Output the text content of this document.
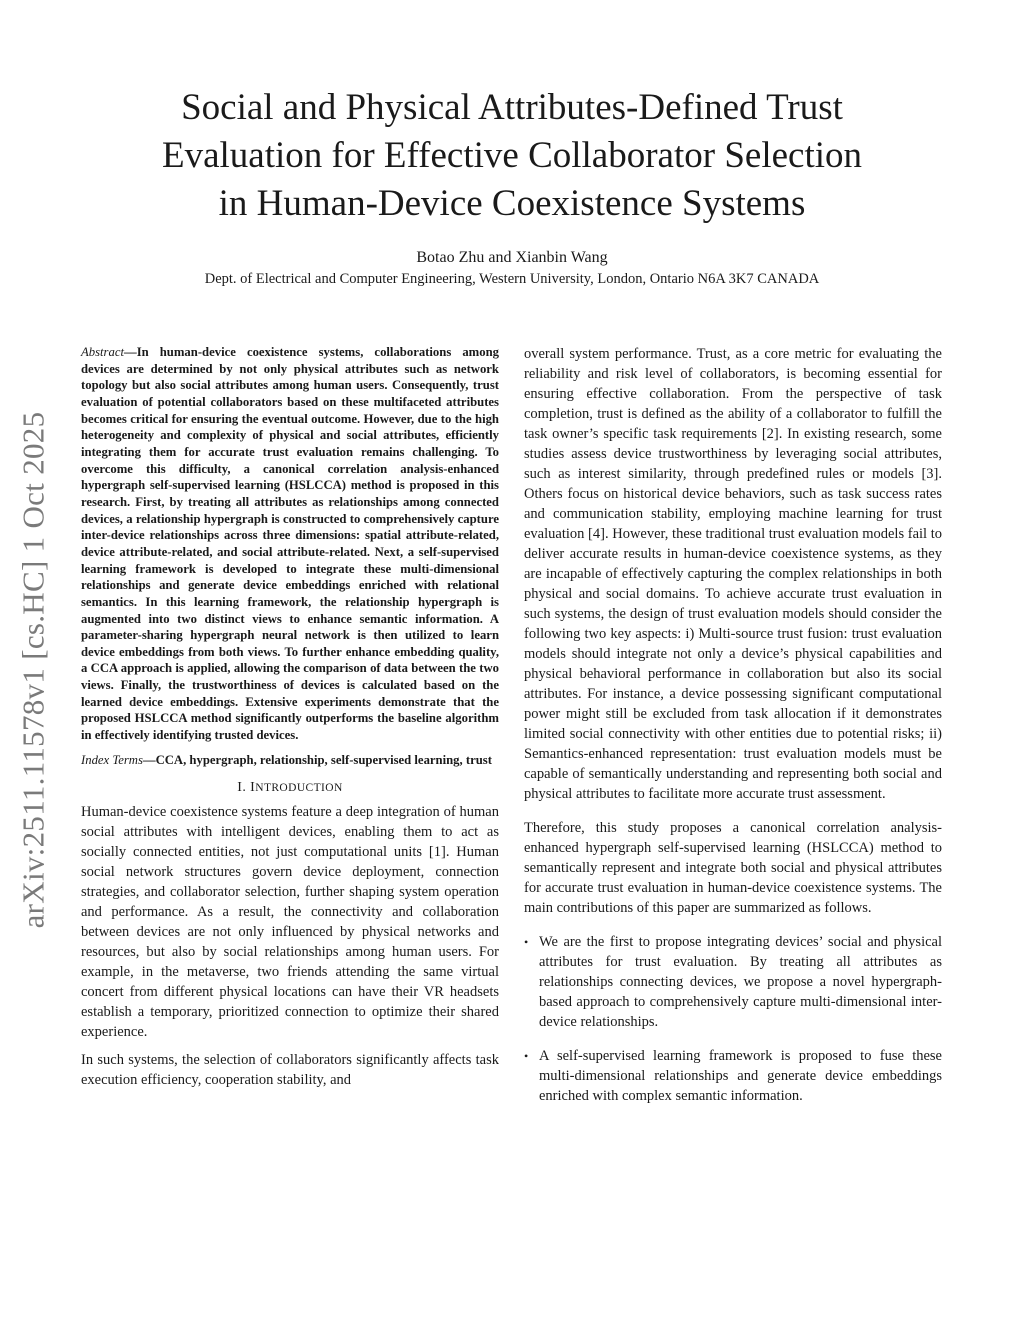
arXiv:2511.11578v1 [cs.HC] 1 Oct 2025
Social and Physical Attributes-Defined Trust
Evaluation for Effective Collaborator Selection
in Human-Device Coexistence Systems

Botao Zhu and Xianbin Wang

Dept. of Electrical and Computer Engineering, Western University, London, Ontario N6A 3K7 CANADA

Abstract—In human-device coexistence systems, collaborations among devices are determined by not only physical attributes such as network topology but also social attributes among human users. Consequently, trust evaluation of potential collaborators based on these multifaceted attributes becomes critical for ensuring the eventual outcome. However, due to the high heterogeneity and complexity of physical and social attributes, efficiently integrating them for accurate trust evaluation remains challenging. To overcome this difficulty, a canonical correlation analysis-enhanced hypergraph self-supervised learning (HSLCCA) method is proposed in this research. First, by treating all attributes as relationships among connected devices, a relationship hypergraph is constructed to comprehensively capture inter-device relationships across three dimensions: spatial attribute-related, device attribute-related, and social attribute-related. Next, a self-supervised learning framework is developed to integrate these multi-dimensional relationships and generate device embeddings enriched with relational semantics. In this learning framework, the relationship hypergraph is augmented into two distinct views to enhance semantic information. A parameter-sharing hypergraph neural network is then utilized to learn device embeddings from both views. To further enhance embedding quality, a CCA approach is applied, allowing the comparison of data between the two views. Finally, the trustworthiness of devices is calculated based on the learned device embeddings. Extensive experiments demonstrate that the proposed HSLCCA method significantly outperforms the baseline algorithm in effectively identifying trusted devices.

Index Terms—CCA, hypergraph, relationship, self-supervised learning, trust

I. INTRODUCTION

Human-device coexistence systems feature a deep integration of human social attributes with intelligent devices, enabling them to act as socially connected entities, not just computational units [1]. Human social network structures govern device deployment, connection strategies, and collaborator selection, further shaping system operation and performance. As a result, the connectivity and collaboration between devices are not only influenced by physical networks and resources, but also by social relationships among human users. For example, in the metaverse, two friends attending the same virtual concert from different physical locations can have their VR headsets establish a temporary, prioritized connection to optimize their shared experience.

In such systems, the selection of collaborators significantly affects task execution efficiency, cooperation stability, and

overall system performance. Trust, as a core metric for evaluating the reliability and risk level of collaborators, is becoming essential for ensuring effective collaboration. From the perspective of task completion, trust is defined as the ability of a collaborator to fulfill the task owner’s specific task requirements [2]. In existing research, some studies assess device trustworthiness by leveraging social attributes, such as interest similarity, through predefined rules or models [3]. Others focus on historical device behaviors, such as task success rates and communication stability, employing machine learning for trust evaluation [4]. However, these traditional trust evaluation models fail to deliver accurate results in human-device coexistence systems, as they are incapable of effectively capturing the complex relationships in both physical and social domains. To achieve accurate trust evaluation in such systems, the design of trust evaluation models should consider the following two key aspects: i) Multi-source trust fusion: trust evaluation models should integrate not only a device’s physical capabilities and physical behavioral performance in collaboration but also its social attributes. For instance, a device possessing significant computational power might still be excluded from task allocation if it demonstrates limited social connectivity with other entities due to potential risks; ii) Semantics-enhanced representation: trust evaluation models must be capable of semantically understanding and representing both social and physical attributes to facilitate more accurate trust assessment.

Therefore, this study proposes a canonical correlation analysis-enhanced hypergraph self-supervised learning (HSLCCA) method to semantically represent and integrate both social and physical attributes for accurate trust evaluation in human-device coexistence systems. The main contributions of this paper are summarized as follows.

• We are the first to propose integrating devices’ social and physical attributes for trust evaluation. By treating all attributes as relationships connecting devices, we propose a novel hypergraph-based approach to comprehensively capture multi-dimensional inter-device relationships.
• A self-supervised learning framework is proposed to fuse these multi-dimensional relationships and generate device embeddings enriched with complex semantic information.
